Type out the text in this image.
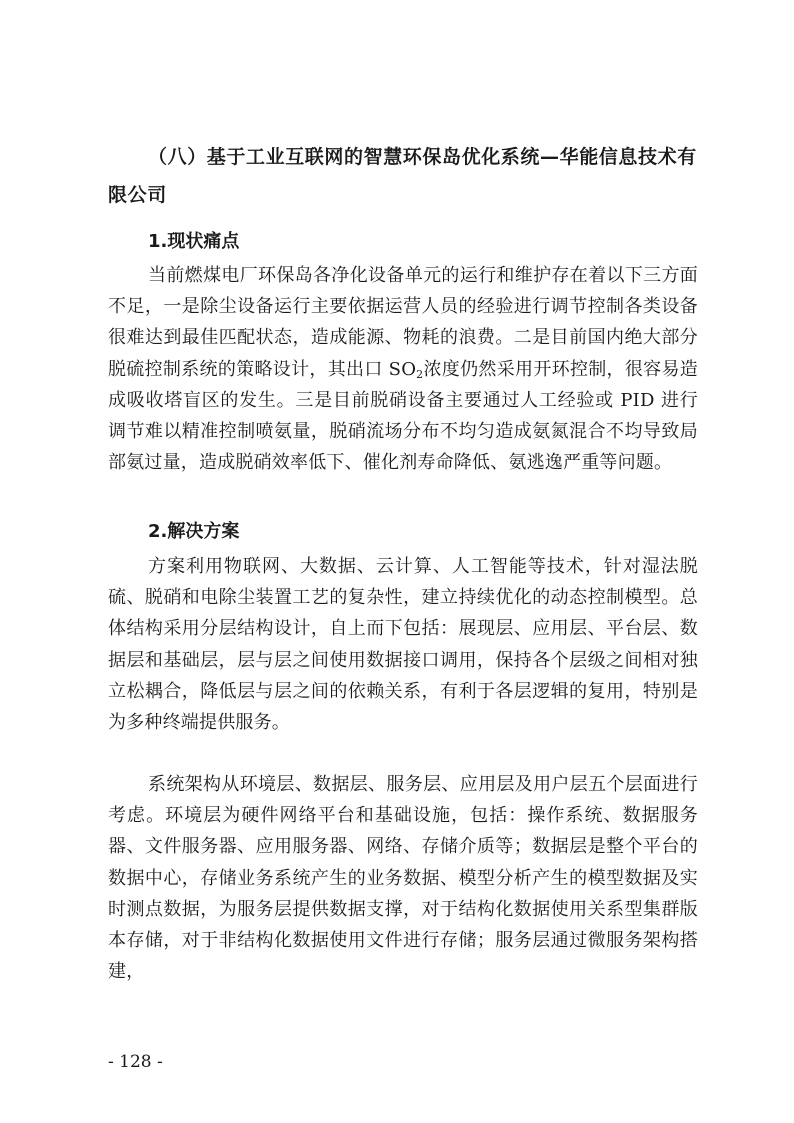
（八）基于工业互联网的智慧环保岛优化系统—华能信息技术有限公司

1.现状痛点

当前燃煤电厂环保岛各净化设备单元的运行和维护存在着以下三方面不足，一是除尘设备运行主要依据运营人员的经验进行调节控制各类设备很难达到最佳匹配状态，造成能源、物耗的浪费。二是目前国内绝大部分脱硫控制系统的策略设计，其出口 $SO_2$浓度仍然采用开环控制，很容易造成吸收塔盲区的发生。三是目前脱硝设备主要通过人工经验或 PID 进行调节难以精准控制喷氨量，脱硝流场分布不均匀造成氨氮混合不均导致局部氨过量，造成脱硝效率低下、催化剂寿命降低、氨逃逸严重等问题。

2.解决方案

方案利用物联网、大数据、云计算、人工智能等技术，针对湿法脱硫、脱硝和电除尘装置工艺的复杂性，建立持续优化的动态控制模型。总体结构采用分层结构设计，自上而下包括：展现层、应用层、平台层、数据层和基础层，层与层之间使用数据接口调用，保持各个层级之间相对独立松耦合，降低层与层之间的依赖关系，有利于各层逻辑的复用，特别是为多种终端提供服务。

系统架构从环境层、数据层、服务层、应用层及用户层五个层面进行考虑。环境层为硬件网络平台和基础设施，包括：操作系统、数据服务器、文件服务器、应用服务器、网络、存储介质等；数据层是整个平台的数据中心，存储业务系统产生的业务数据、模型分析产生的模型数据及实时测点数据，为服务层提供数据支撑，对于结构化数据使用关系型集群版本存储，对于非结构化数据使用文件进行存储；服务层通过微服务架构搭建，

- 128 -
